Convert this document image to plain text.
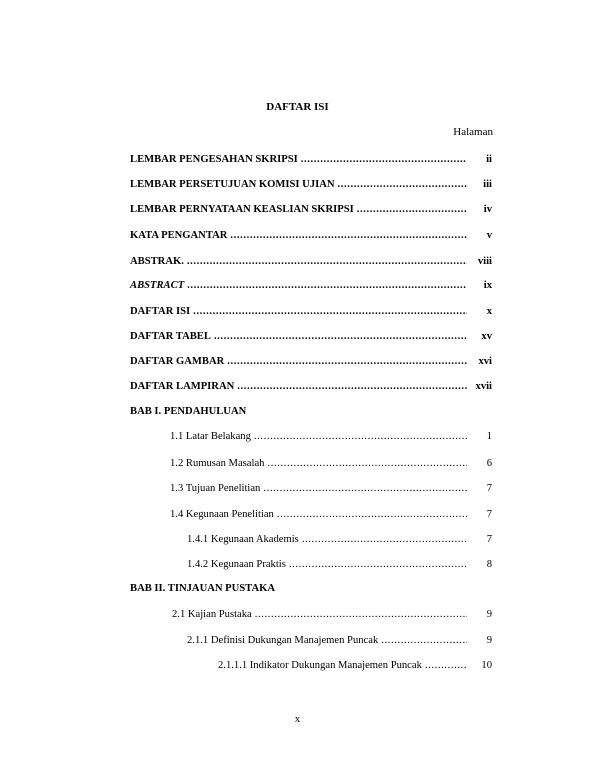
DAFTAR ISI
Halaman
LEMBAR PENGESAHAN SKRIPSI .....	ii
LEMBAR PERSETUJUAN KOMISI UJIAN .....	iii
LEMBAR PERNYATAAN KEASLIAN SKRIPSI .....	iv
KATA PENGANTAR .....	v
ABSTRAK. .....	viii
ABSTRACT .....	ix
DAFTAR ISI .....	x
DAFTAR TABEL .....	xv
DAFTAR GAMBAR .....	xvi
DAFTAR LAMPIRAN .....	xvii
BAB I. PENDAHULUAN
1.1 Latar Belakang .....	1
1.2 Rumusan Masalah .....	6
1.3 Tujuan Penelitian .....	7
1.4 Kegunaan Penelitian .....	7
1.4.1 Kegunaan Akademis .....	7
1.4.2 Kegunaan Praktis .....	8
BAB II. TINJAUAN PUSTAKA
2.1 Kajian Pustaka .....	9
2.1.1 Definisi Dukungan Manajemen Puncak .....	9
2.1.1.1 Indikator Dukungan Manajemen Puncak .....	10
x
